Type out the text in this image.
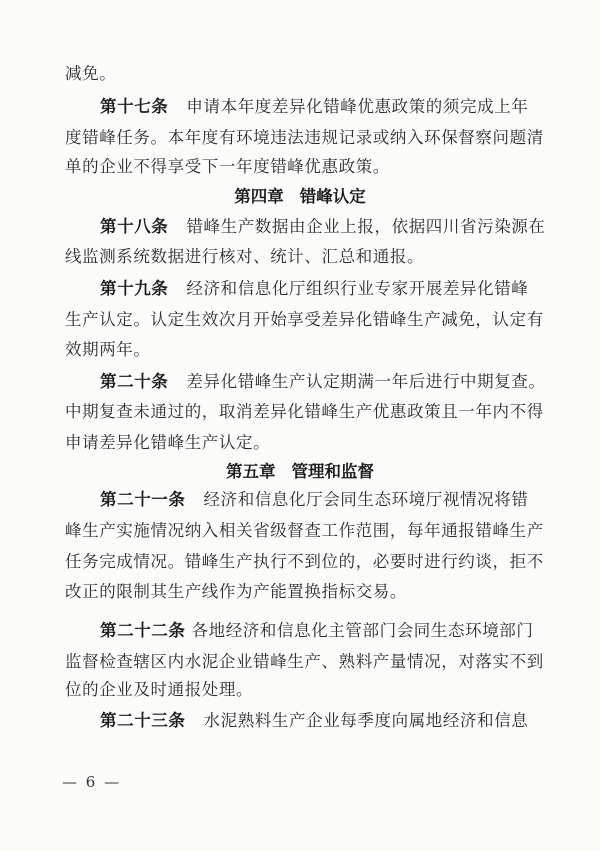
减免。
第十七条 申请本年度差异化错峰优惠政策的须完成上年
度错峰任务。本年度有环境违法违规记录或纳入环保督察问题清
单的企业不得享受下一年度错峰优惠政策。
第四章 错峰认定
第十八条 错峰生产数据由企业上报，依据四川省污染源在
线监测系统数据进行核对、统计、汇总和通报。
第十九条 经济和信息化厅组织行业专家开展差异化错峰
生产认定。认定生效次月开始享受差异化错峰生产减免，认定有
效期两年。
第二十条 差异化错峰生产认定期满一年后进行中期复查。
中期复查未通过的，取消差异化错峰生产优惠政策且一年内不得
申请差异化错峰生产认定。
第五章 管理和监督
第二十一条 经济和信息化厅会同生态环境厅视情况将错
峰生产实施情况纳入相关省级督查工作范围，每年通报错峰生产
任务完成情况。错峰生产执行不到位的，必要时进行约谈，拒不
改正的限制其生产线作为产能置换指标交易。
第二十二条 各地经济和信息化主管部门会同生态环境部门
监督检查辖区内水泥企业错峰生产、熟料产量情况，对落实不到
位的企业及时通报处理。
第二十三条 水泥熟料生产企业每季度向属地经济和信息
— 6 —
